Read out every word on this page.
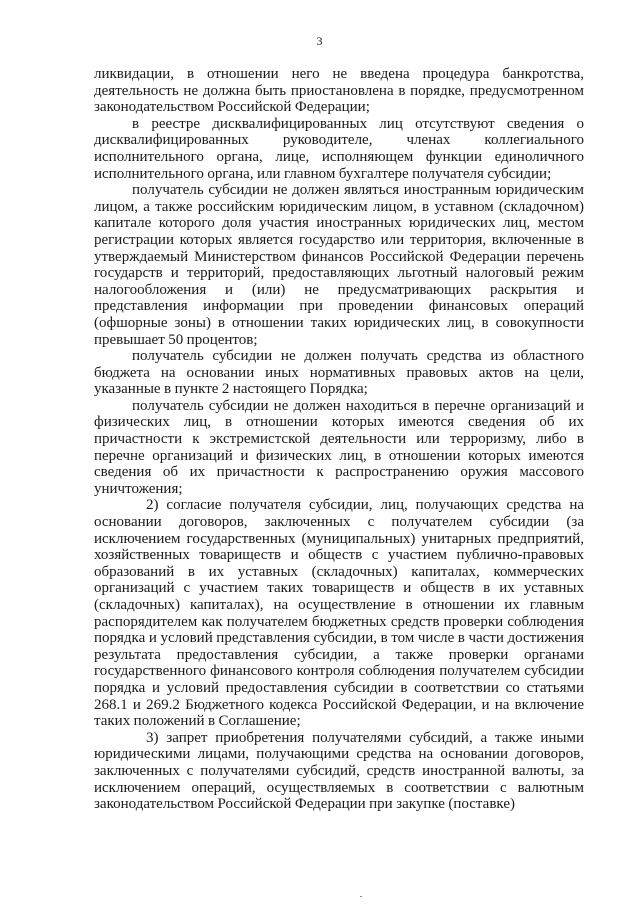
3

ликвидации, в отношении него не введена процедура банкротства, деятельность не должна быть приостановлена в порядке, предусмотренном законодательством Российской Федерации;

в реестре дисквалифицированных лиц отсутствуют сведения о дисквалифицированных руководителе, членах коллегиального исполнительного органа, лице, исполняющем функции единоличного исполнительного органа, или главном бухгалтере получателя субсидии;

получатель субсидии не должен являться иностранным юридическим лицом, а также российским юридическим лицом, в уставном (складочном) капитале которого доля участия иностранных юридических лиц, местом регистрации которых является государство или территория, включенные в утверждаемый Министерством финансов Российской Федерации перечень государств и территорий, предоставляющих льготный налоговый режим налогообложения и (или) не предусматривающих раскрытия и представления информации при проведении финансовых операций (офшорные зоны) в отношении таких юридических лиц, в совокупности превышает 50 процентов;

получатель субсидии не должен получать средства из областного бюджета на основании иных нормативных правовых актов на цели, указанные в пункте 2 настоящего Порядка;

получатель субсидии не должен находиться в перечне организаций и физических лиц, в отношении которых имеются сведения об их причастности к экстремистской деятельности или терроризму, либо в перечне организаций и физических лиц, в отношении которых имеются сведения об их причастности к распространению оружия массового уничтожения;

2) согласие получателя субсидии, лиц, получающих средства на основании договоров, заключенных с получателем субсидии (за исключением государственных (муниципальных) унитарных предприятий, хозяйственных товариществ и обществ с участием публично-правовых образований в их уставных (складочных) капиталах, коммерческих организаций с участием таких товариществ и обществ в их уставных (складочных) капиталах), на осуществление в отношении их главным распорядителем как получателем бюджетных средств проверки соблюдения порядка и условий представления субсидии, в том числе в части достижения результата предоставления субсидии, а также проверки органами государственного финансового контроля соблюдения получателем субсидии порядка и условий предоставления субсидии в соответствии со статьями 268.1 и 269.2 Бюджетного кодекса Российской Федерации, и на включение таких положений в Соглашение;

3) запрет приобретения получателями субсидий, а также иными юридическими лицами, получающими средства на основании договоров, заключенных с получателями субсидий, средств иностранной валюты, за исключением операций, осуществляемых в соответствии с валютным законодательством Российской Федерации при закупке (поставке)
